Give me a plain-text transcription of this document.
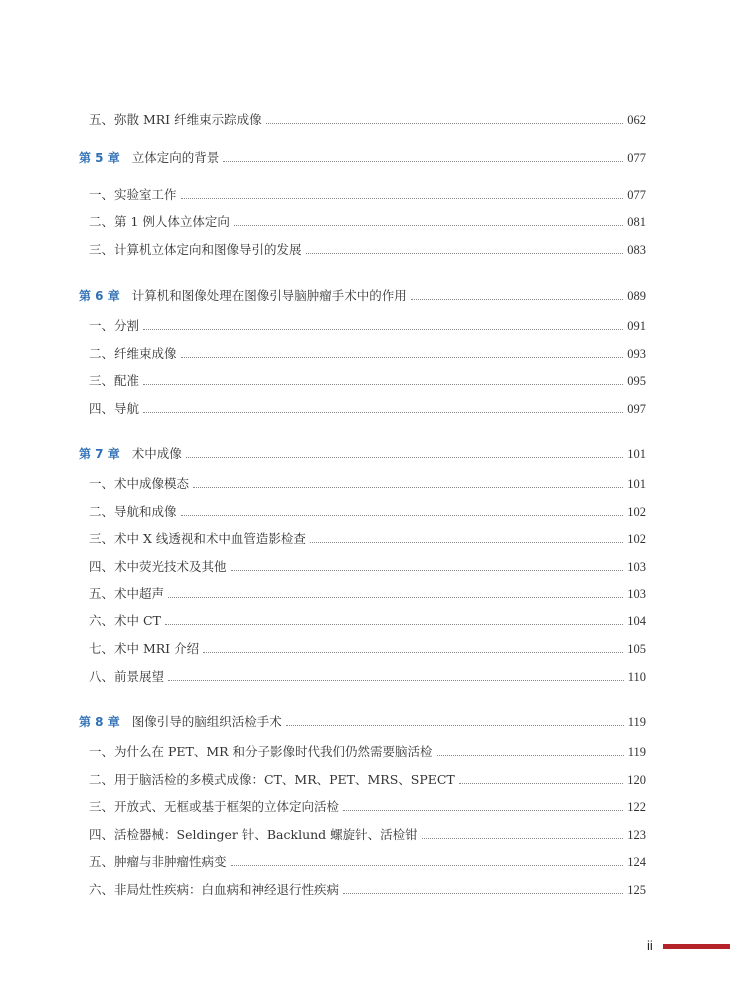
五、弥散 MRI 纤维束示踪成像	062
第 5 章 立体定向的背景	077
一、实验室工作	077
二、第 1 例人体立体定向	081
三、计算机立体定向和图像导引的发展	083
第 6 章 计算机和图像处理在图像引导脑肿瘤手术中的作用	089
一、分割	091
二、纤维束成像	093
三、配准	095
四、导航	097
第 7 章 术中成像	101
一、术中成像模态	101
二、导航和成像	102
三、术中 X 线透视和术中血管造影检查	102
四、术中荧光技术及其他	103
五、术中超声	103
六、术中 CT	104
七、术中 MRI 介绍	105
八、前景展望	110
第 8 章 图像引导的脑组织活检手术	119
一、为什么在 PET、MR 和分子影像时代我们仍然需要脑活检	119
二、用于脑活检的多模式成像：CT、MR、PET、MRS、SPECT	120
三、开放式、无框或基于框架的立体定向活检	122
四、活检器械：Seldinger 针、Backlund 螺旋针、活检钳	123
五、肿瘤与非肿瘤性病变	124
六、非局灶性疾病：白血病和神经退行性疾病	125
ii
